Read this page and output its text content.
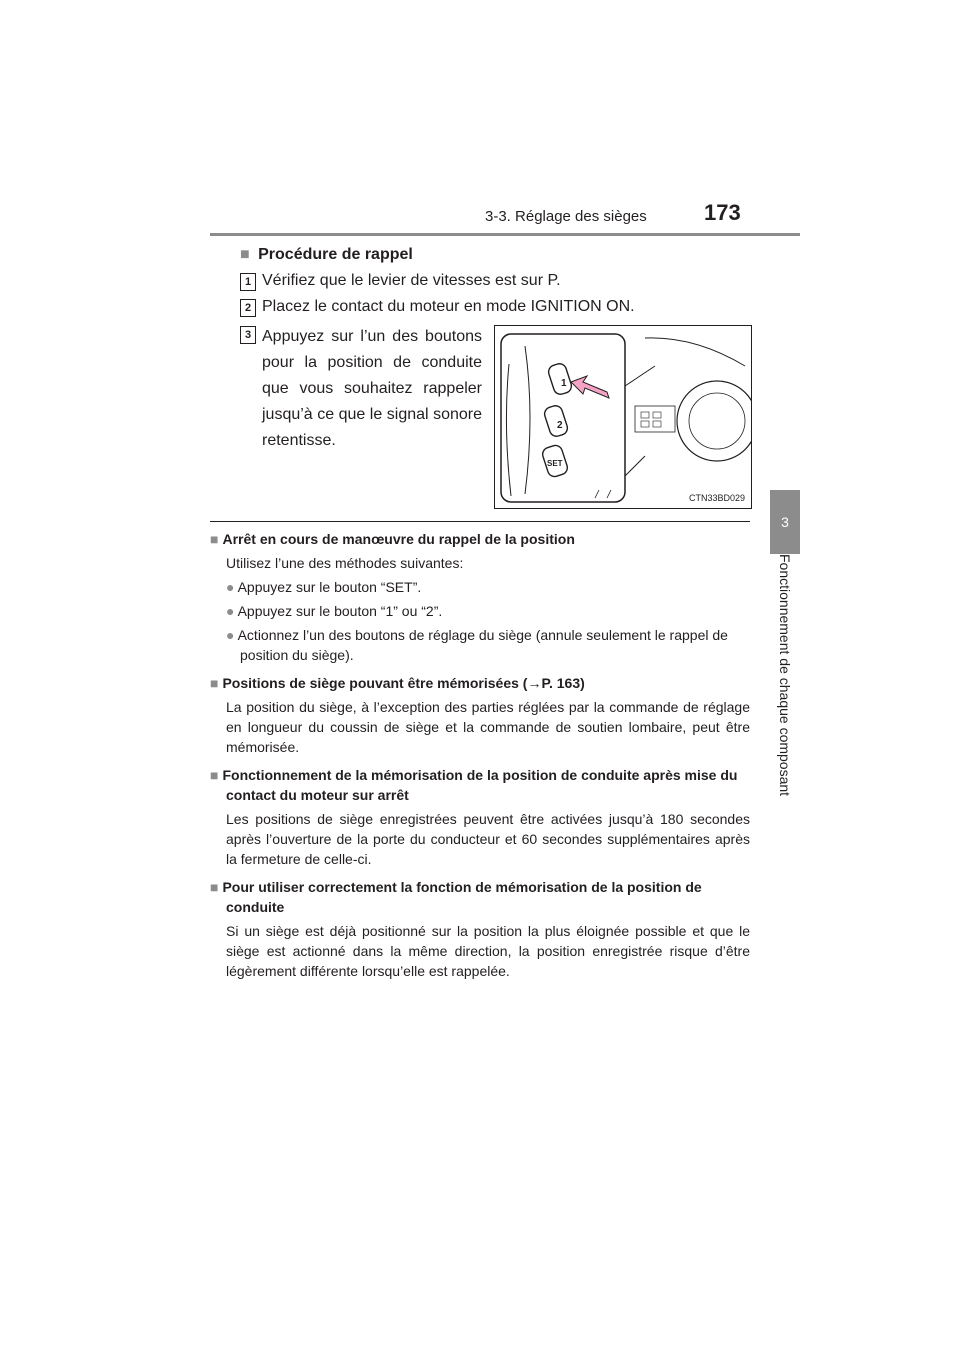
3-3. Réglage des sièges	173
3
Fonctionnement de chaque composant
■ Procédure de rappel
1 Vérifiez que le levier de vitesses est sur P.
2 Placez le contact du moteur en mode IGNITION ON.
3 Appuyez sur l’un des boutons pour la position de conduite que vous souhaitez rappeler jusqu’à ce que le signal sonore retentisse.
1
2
SET
CTN33BD029
■ Arrêt en cours de manœuvre du rappel de la position
Utilisez l’une des méthodes suivantes:
● Appuyez sur le bouton “SET”.
● Appuyez sur le bouton “1” ou “2”.
● Actionnez l’un des boutons de réglage du siège (annule seulement le rappel de position du siège).
■ Positions de siège pouvant être mémorisées (→P. 163)
La position du siège, à l’exception des parties réglées par la commande de réglage en longueur du coussin de siège et la commande de soutien lombaire, peut être mémorisée.
■ Fonctionnement de la mémorisation de la position de conduite après mise du contact du moteur sur arrêt
Les positions de siège enregistrées peuvent être activées jusqu’à 180 secondes après l’ouverture de la porte du conducteur et 60 secondes supplémentaires après la fermeture de celle-ci.
■ Pour utiliser correctement la fonction de mémorisation de la position de conduite
Si un siège est déjà positionné sur la position la plus éloignée possible et que le siège est actionné dans la même direction, la position enregistrée risque d’être légèrement différente lorsqu’elle est rappelée.
